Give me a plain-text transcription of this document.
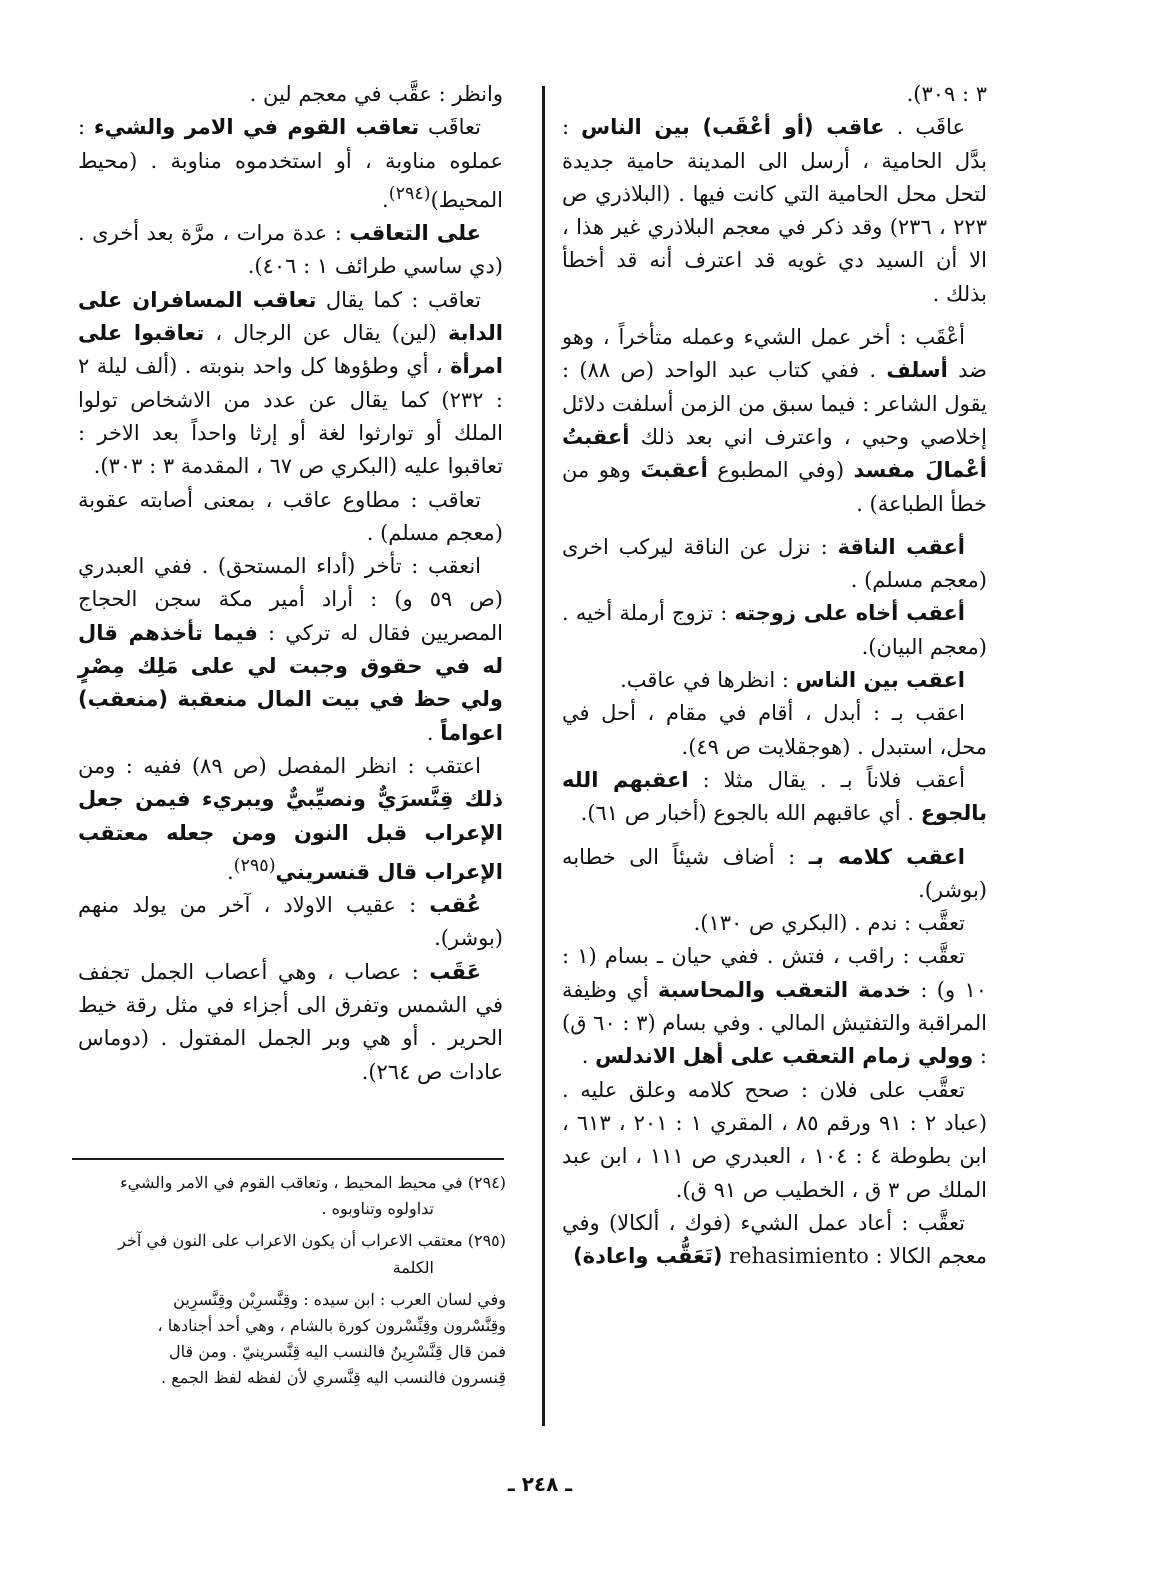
٣ : ٣٠٩).

عاقَب . عاقب (أو أعْقَب) بين الناس : بدَّل الحامية ، أرسل الى المدينة حامية جديدة لتحل محل الحامية التي كانت فيها . (البلاذري ص ٢٢٣ ، ٢٣٦) وقد ذكر في معجم البلاذري غير هذا ، الا أن السيد دي غويه قد اعترف أنه قد أخطأ بذلك .

أعْقَب : أخر عمل الشيء وعمله متأخراً ، وهو ضد أسلف . ففي كتاب عبد الواحد (ص ٨٨) : يقول الشاعر : فيما سبق من الزمن أسلفت دلائل إخلاصي وحبي ، واعترف اني بعد ذلك أعقبتُ أعْمالَ مفسد (وفي المطبوع أعقبتَ وهو من خطأ الطباعة) .

أعقب الناقة : نزل عن الناقة ليركب اخرى (معجم مسلم) .

أعقب أخاه على زوجته : تزوج أرملة أخيه . (معجم البيان).

اعقب بين الناس : انظرها في عاقب.

اعقب بـ : أبدل ، أقام في مقام ، أحل في محل، استبدل . (هوجقلايت ص ٤٩).

أعقب فلاناً بـ . يقال مثلا : اعقبهم الله بالجوع . أي عاقبهم الله بالجوع (أخبار ص ٦١).

اعقب كلامه بـ : أضاف شيئاً الى خطابه (بوشر).

تعقَّب : ندم . (البكري ص ١٣٠).

تعقَّب : راقب ، فتش . ففي حيان ـ بسام (١ : ١٠ و) : خدمة التعقب والمحاسبة أي وظيفة المراقبة والتفتيش المالي . وفي بسام (٣ : ٦٠ ق) : وولي زمام التعقب على أهل الاندلس .

تعقَّب على فلان : صحح كلامه وعلق عليه . (عباد ٢ : ٩١ ورقم ٨٥ ، المقري ١ : ٢٠١ ، ٦١٣ ، ابن بطوطة ٤ : ١٠٤ ، العبدري ص ١١١ ، ابن عبد الملك ص ٣ ق ، الخطيب ص ٩١ ق).

تعقَّب : أعاد عمل الشيء (فوك ، ألكالا) وفي معجم الكالا : rehasimiento (تَعَقُّب واعادة)

وانظر : عقَّب في معجم لين .

تعاقَب تعاقب القوم في الامر والشيء : عملوه مناوبة ، أو استخدموه مناوبة . (محيط المحيط)$^{(٢٩٤)}$.

على التعاقب : عدة مرات ، مرَّة بعد أخرى . (دي ساسي طرائف ١ : ٤٠٦).

تعاقب : كما يقال تعاقب المسافران على الدابة (لين) يقال عن الرجال ، تعاقبوا على امرأة ، أي وطؤوها كل واحد بنوبته . (ألف ليلة ٢ : ٢٣٢) كما يقال عن عدد من الاشخاص تولوا الملك أو توارثوا لغة أو إرثا واحداً بعد الاخر : تعاقبوا عليه (البكري ص ٦٧ ، المقدمة ٣ : ٣٠٣).

تعاقب : مطاوع عاقب ، بمعنى أصابته عقوبة (معجم مسلم) .

انعقب : تأخر (أداء المستحق) . ففي العبدري (ص ٥٩ و) : أراد أمير مكة سجن الحجاج المصريين فقال له تركي : فيما تأخذهم قال له في حقوق وجبت لي على مَلِك مِصْرٍ ولي حظ في بيت المال منعقبة (منعقب) اعواماً .

اعتقب : انظر المفصل (ص ٨٩) ففيه : ومن ذلك قِنَّسرَيٌّ ونصيِّبيٌّ ويبريء فيمن جعل الإعراب قبل النون ومن جعله معتقب الإعراب قال قنسريني$^{(٢٩٥)}$.

عُقب : عقيب الاولاد ، آخر من يولد منهم (بوشر).

عَقَب : عصاب ، وهي أعصاب الجمل تجفف في الشمس وتفرق الى أجزاء في مثل رقة خيط الحرير . أو هي وبر الجمل المفتول . (دوماس عادات ص ٢٦٤).

(٢٩٤) في محيط المحيط ، وتعاقب القوم في الامر والشيء

تداولوه وتناوبوه .

(٢٩٥) معتقب الاعراب أن يكون الاعراب على النون في آخر

الكلمة

وفي لسان العرب : ابن سيده : وقِنَّسرِيْن وقِنَّسرِين

وقِنَّسْرون وقِنِّسْرون كورة بالشام ، وهي أحد أجنادها ،

فمن قال قِنَّسْرِينُ فالنسب اليه قِنَّسرينيّ . ومن قال

قِنسرون فالنسب اليه قِنَّسري لأن لفظه لفظ الجمع .

ـ ٢٤٨ ـ
